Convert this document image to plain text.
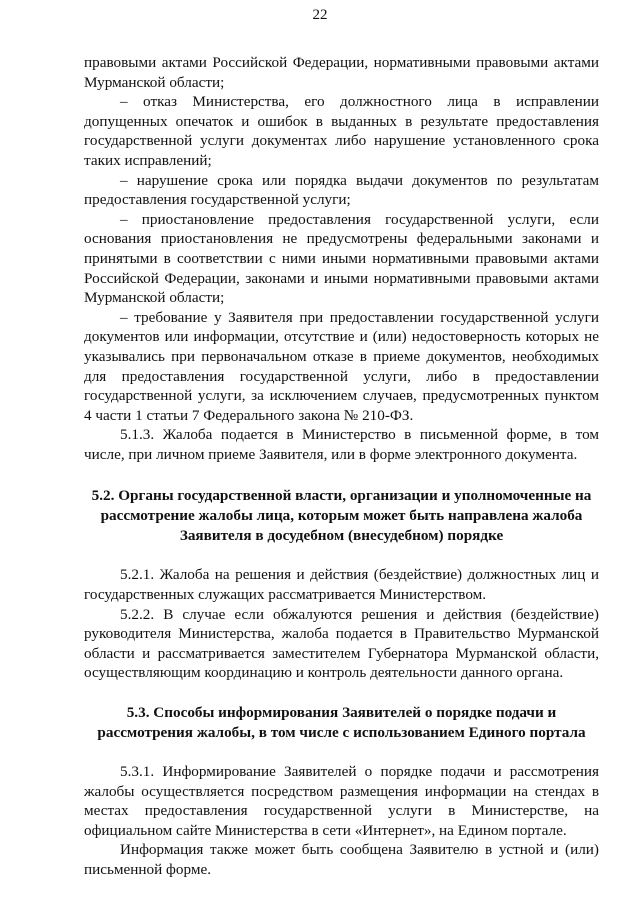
22

правовыми актами Российской Федерации, нормативными правовыми актами Мурманской области;

– отказ Министерства, его должностного лица в исправлении допущенных опечаток и ошибок в выданных в результате предоставления государственной услуги документах либо нарушение установленного срока таких исправлений;

– нарушение срока или порядка выдачи документов по результатам предоставления государственной услуги;

– приостановление предоставления государственной услуги, если основания приостановления не предусмотрены федеральными законами и принятыми в соответствии с ними иными нормативными правовыми актами Российской Федерации, законами и иными нормативными правовыми актами Мурманской области;

– требование у Заявителя при предоставлении государственной услуги документов или информации, отсутствие и (или) недостоверность которых не указывались при первоначальном отказе в приеме документов, необходимых для предоставления государственной услуги, либо в предоставлении государственной услуги, за исключением случаев, предусмотренных пунктом 4 части 1 статьи 7 Федерального закона № 210-ФЗ.

5.1.3. Жалоба подается в Министерство в письменной форме, в том числе, при личном приеме Заявителя, или в форме электронного документа.

5.2. Органы государственной власти, организации и уполномоченные на рассмотрение жалобы лица, которым может быть направлена жалоба Заявителя в досудебном (внесудебном) порядке

5.2.1. Жалоба на решения и действия (бездействие) должностных лиц и государственных служащих рассматривается Министерством.

5.2.2. В случае если обжалуются решения и действия (бездействие) руководителя Министерства, жалоба подается в Правительство Мурманской области и рассматривается заместителем Губернатора Мурманской области, осуществляющим координацию и контроль деятельности данного органа.

5.3. Способы информирования Заявителей о порядке подачи и рассмотрения жалобы, в том числе с использованием Единого портала

5.3.1. Информирование Заявителей о порядке подачи и рассмотрения жалобы осуществляется посредством размещения информации на стендах в местах предоставления государственной услуги в Министерстве, на официальном сайте Министерства в сети «Интернет», на Едином портале.

Информация также может быть сообщена Заявителю в устной и (или) письменной форме.
